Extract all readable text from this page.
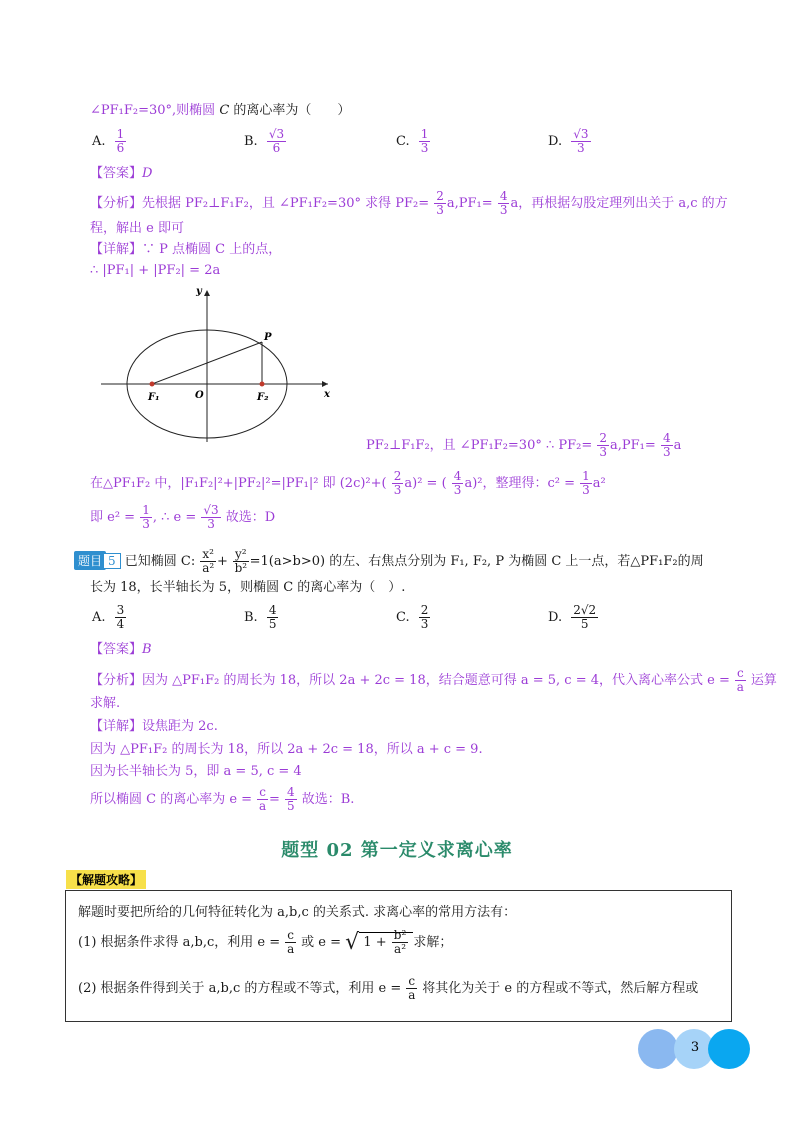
∠PF₁F₂=30°,则椭圆 C 的离心率为（　　）
A. $\frac{1}{6}$	B. $\frac{√3}{6}$	C. $\frac{1}{3}$	D. $\frac{√3}{3}$
【答案】D
【分析】先根据 PF₂⊥F₁F₂，且 ∠PF₁F₂=30° 求得 $PF_2= \frac{2}{3} a,PF_1= \frac{4}{3}$ a，再根据勾股定理列出关于 a,c 的方
程，解出 e 即可
【详解】∵ P 点椭圆 C 上的点，
∴ |PF₁| + |PF₂| = 2a
y
x
P
O
F₁	F₂
PF₂⊥F₁F₂，且 ∠PF₁F₂=30° ∴ $PF_2= \frac{2}{3} a,PF_1= \frac{4}{3}$ a
在△PF₁F₂ 中，|F₁F₂|²+|PF₂|²=|PF₁|² 即 $(2c)^2+( \frac{2}{3} a)^2$ = ( $\frac{4}{3} a)^2$，整理得：$c^2 = \frac{1}{3} a^2$
即 $e^2 = \frac{1}{3}$ , ∴ $e = \frac{√3}{3}$ 故选：D
题目 5 已知椭圆 C: $\frac{\text{x²}}{\text{a²}} + \frac{\text{y²}}{\text{b²}} =1(a>b>0)$ 的左、右焦点分别为 F₁, F₂, P 为椭圆 C 上一点，若△PF₁F₂的周
长为 18，长半轴长为 5，则椭圆 C 的离心率为（　）.
A. $\frac{3}{4}$	B. $\frac{4}{5}$	C. $\frac{2}{3}$	D. $\frac{2√2}{5}$
【答案】B
【分析】因为 △PF₁F₂ 的周长为 18，所以 2a + 2c = 18，结合题意可得 a = 5, c = 4，代入离心率公式 $e = \frac{c}{a}$ 运算
求解.
【详解】设焦距为 2c.
因为 △PF₁F₂ 的周长为 18，所以 2a + 2c = 18，所以 a + c = 9.
因为长半轴长为 5，即 a = 5, c = 4
所以椭圆 C 的离心率为 $e = \frac{c}{a} = \frac{4}{5}$ 故选：B.
题型 02 第一定义求离心率
【解题攻略】
解题时要把所给的几何特征转化为 a,b,c 的关系式. 求离心率的常用方法有：
(1) 根据条件求得 a,b,c，利用 $e = \frac{c}{a}$ 或 e = √ $1 + \frac{\text{b²}}{\text{a²}}$ 求解；
(2) 根据条件得到关于 a,b,c 的方程或不等式，利用 $e = \frac{c}{a}$ 将其化为关于 e 的方程或不等式，然后解方程或
3
